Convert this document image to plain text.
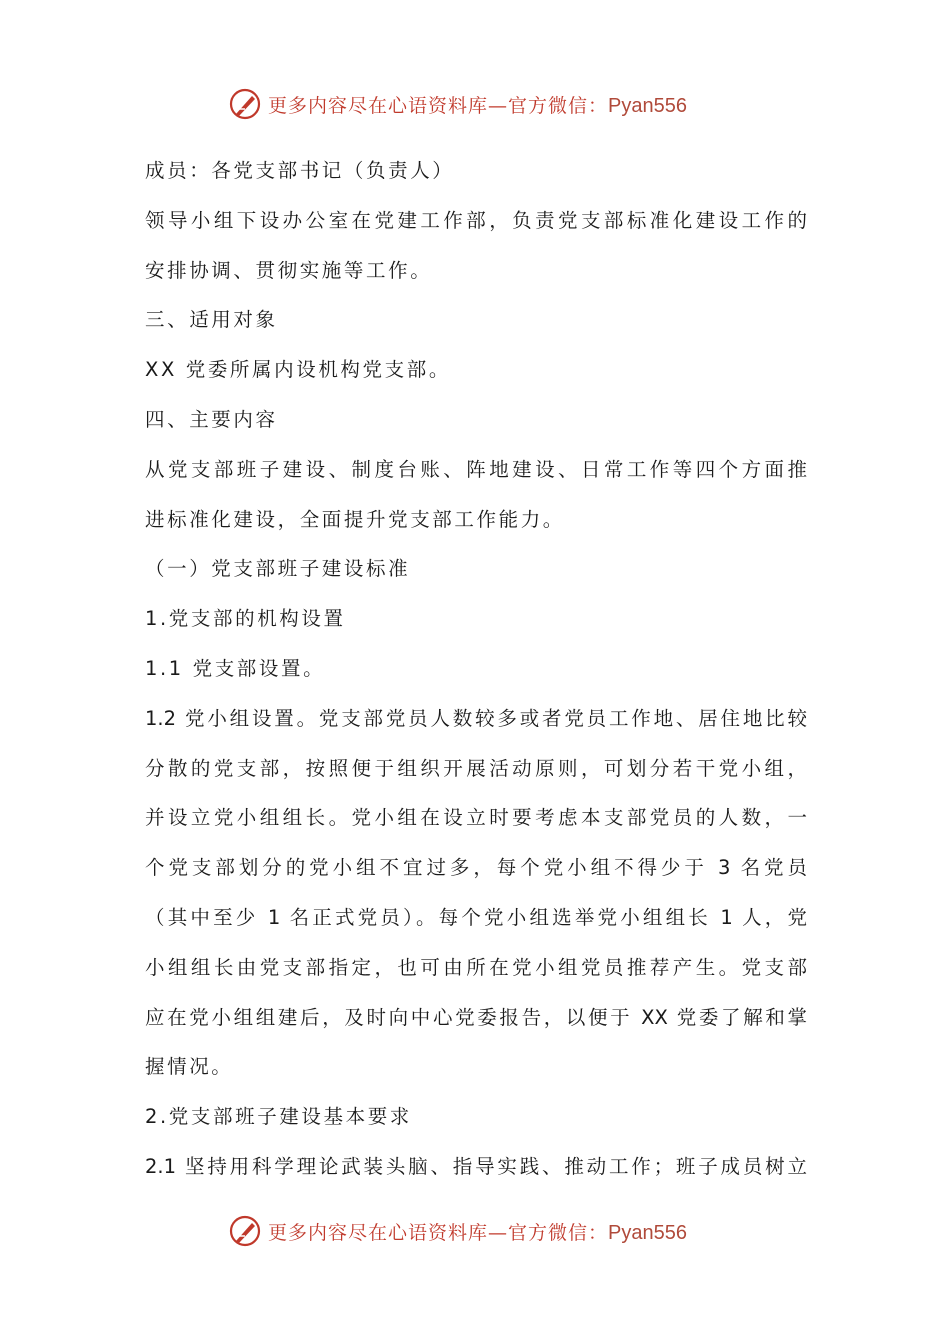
更多内容尽在心语资料库—官方微信：Pyan556
成员：各党支部书记（负责人）
领导小组下设办公室在党建工作部，负责党支部标准化建设工作的
安排协调、贯彻实施等工作。
三、适用对象
XX 党委所属内设机构党支部。
四、主要内容
从党支部班子建设、制度台账、阵地建设、日常工作等四个方面推
进标准化建设，全面提升党支部工作能力。
（一）党支部班子建设标准
1.党支部的机构设置
1.1 党支部设置。
1.2 党小组设置。党支部党员人数较多或者党员工作地、居住地比较
分散的党支部，按照便于组织开展活动原则，可划分若干党小组，
并设立党小组组长。党小组在设立时要考虑本支部党员的人数，一
个党支部划分的党小组不宜过多，每个党小组不得少于 3 名党员
（其中至少 1 名正式党员）。每个党小组选举党小组组长 1 人，党
小组组长由党支部指定，也可由所在党小组党员推荐产生。党支部
应在党小组组建后，及时向中心党委报告，以便于 XX 党委了解和掌
握情况。
2.党支部班子建设基本要求
2.1 坚持用科学理论武装头脑、指导实践、推动工作；班子成员树立
更多内容尽在心语资料库—官方微信：Pyan556
